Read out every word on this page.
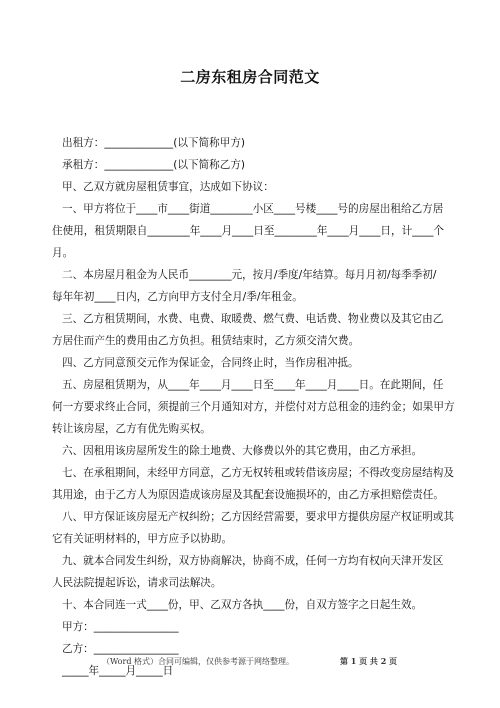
二房东租房合同范文
出租方：_____________(以下简称甲方)
承租方：_____________(以下简称乙方)
甲、乙双方就房屋租赁事宜，达成如下协议：
一、甲方将位于____市____街道________小区____号楼____号的房屋出租给乙方居
住使用，租赁期限自________年____月____日至________年____月____日，计____个
月。
二、本房屋月租金为人民币________元，按月/季度/年结算。每月月初/每季季初/
每年年初____日内，乙方向甲方支付全月/季/年租金。
三、乙方租赁期间，水费、电费、取暖费、燃气费、电话费、物业费以及其它由乙
方居住而产生的费用由乙方负担。租赁结束时，乙方须交清欠费。
四、乙方同意预交元作为保证金，合同终止时，当作房租冲抵。
五、房屋租赁期为，从____年____月____日至____年____月____日。在此期间，任
何一方要求终止合同，须提前三个月通知对方，并偿付对方总租金的违约金；如果甲方
转让该房屋，乙方有优先购买权。
六、因租用该房屋所发生的除土地费、大修费以外的其它费用，由乙方承担。
七、在承租期间，未经甲方同意，乙方无权转租或转借该房屋；不得改变房屋结构及
其用途，由于乙方人为原因造成该房屋及其配套设施损坏的，由乙方承担赔偿责任。
八、甲方保证该房屋无产权纠纷；乙方因经营需要，要求甲方提供房屋产权证明或其
它有关证明材料的，甲方应予以协助。
九、就本合同发生纠纷，双方协商解决，协商不成，任何一方均有权向天津开发区
人民法院提起诉讼，请求司法解决。
十、本合同连一式____份，甲、乙双方各执____份，自双方签字之日起生效。
甲方：________________
乙方：________________
_____年_____月_____日
（Word 格式）合同可编辑，仅供参考源于网络整理。	第 1 页 共 2 页
